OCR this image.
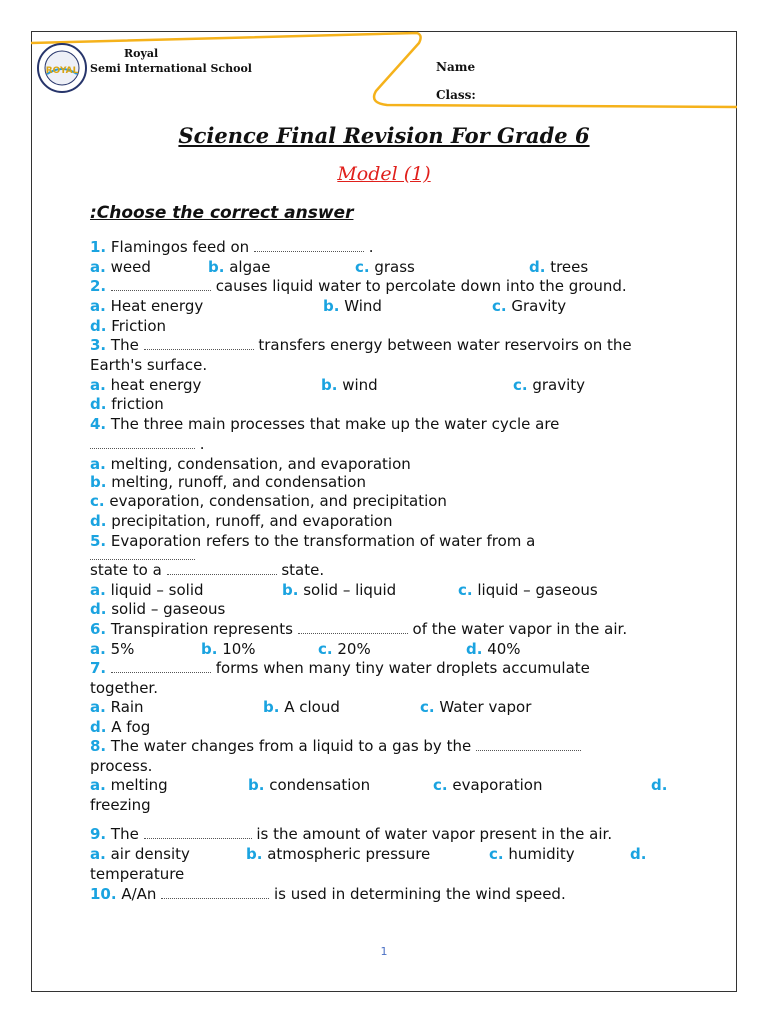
ROYAL
Royal
Semi International School	Name
Class:
Science Final Revision For Grade 6
Model (1)
:Choose the correct answer
1. Flamingos feed on	.
a. weed	b. algae	c. grass	d. trees
2.	causes liquid water to percolate down into the ground.
a. Heat energy	b. Wind	c. Gravity
d. Friction
3. The	transfers energy between water reservoirs on the
Earth's surface.
a. heat energy	b. wind	c. gravity
d. friction
4. The three main processes that make up the water cycle are
.
a. melting, condensation, and evaporation
b. melting, runoff, and condensation
c. evaporation, condensation, and precipitation
d. precipitation, runoff, and evaporation
5. Evaporation refers to the transformation of water from a
state to a	state.
a. liquid – solid	b. solid – liquid	c. liquid – gaseous
d. solid – gaseous
6. Transpiration represents	of the water vapor in the air.
a. 5%	b. 10%	c. 20%	d. 40%
7.	forms when many tiny water droplets accumulate
together.
a. Rain	b. A cloud	c. Water vapor
d. A fog
8. The water changes from a liquid to a gas by the
process.
a. melting	b. condensation	c. evaporation	d.
freezing
9. The	is the amount of water vapor present in the air.
a. air density	b. atmospheric pressure	c. humidity	d.
temperature
10. A/An	is used in determining the wind speed.
1
